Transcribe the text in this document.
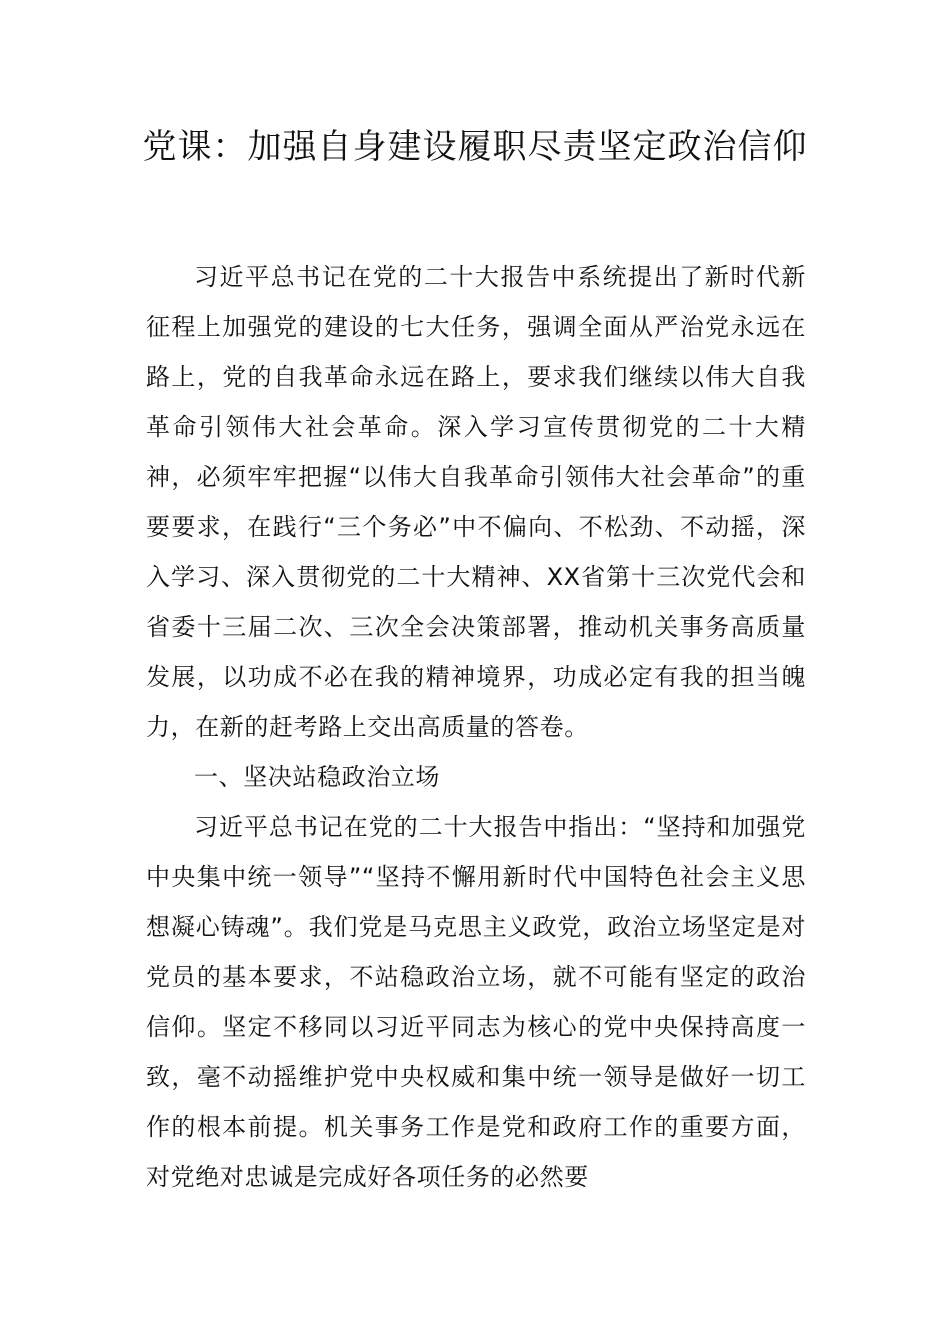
党课：加强自身建设履职尽责坚定政治信仰

习近平总书记在党的二十大报告中系统提出了新时代新征程上加强党的建设的七大任务，强调全面从严治党永远在路上，党的自我革命永远在路上，要求我们继续以伟大自我革命引领伟大社会革命。深入学习宣传贯彻党的二十大精神，必须牢牢把握“以伟大自我革命引领伟大社会革命”的重要要求，在践行“三个务必”中不偏向、不松劲、不动摇，深入学习、深入贯彻党的二十大精神、XX省第十三次党代会和省委十三届二次、三次全会决策部署，推动机关事务高质量发展，以功成不必在我的精神境界，功成必定有我的担当魄力，在新的赶考路上交出高质量的答卷。

一、坚决站稳政治立场

习近平总书记在党的二十大报告中指出：“坚持和加强党中央集中统一领导”“坚持不懈用新时代中国特色社会主义思想凝心铸魂”。我们党是马克思主义政党，政治立场坚定是对党员的基本要求，不站稳政治立场，就不可能有坚定的政治信仰。坚定不移同以习近平同志为核心的党中央保持高度一致，毫不动摇维护党中央权威和集中统一领导是做好一切工作的根本前提。机关事务工作是党和政府工作的重要方面，对党绝对忠诚是完成好各项任务的必然要
